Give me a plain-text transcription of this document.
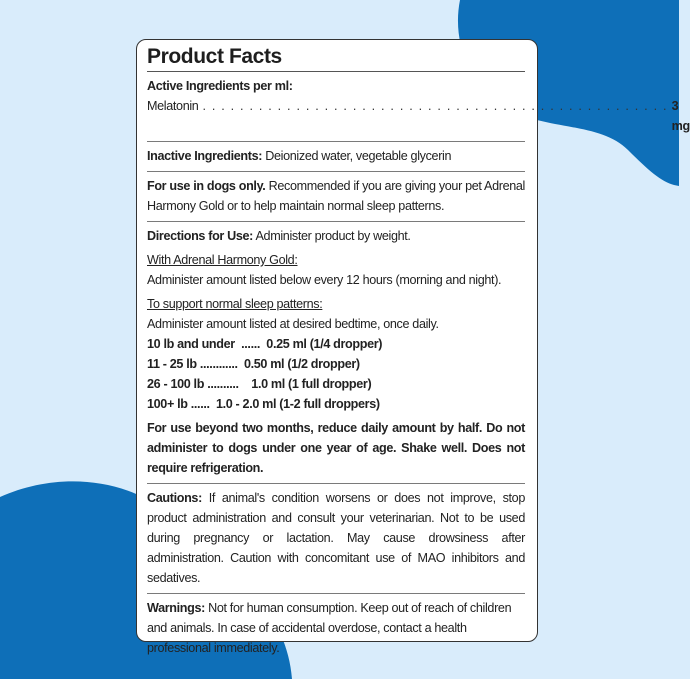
Product Facts
Active Ingredients per ml:
Melatonin . . . . . . . . . . . . . . . . . . . . . . . . . . . . . . . . . . . . . . . . . . . . . . . . . . 3 mg
Inactive Ingredients: Deionized water, vegetable glycerin
For use in dogs only. Recommended if you are giving your pet Adrenal Harmony Gold or to help maintain normal sleep patterns.
Directions for Use: Administer product by weight.
With Adrenal Harmony Gold:
Administer amount listed below every 12 hours (morning and night).
To support normal sleep patterns:
Administer amount listed at desired bedtime, once daily.
10 lb and under  ......  0.25 ml (1/4 dropper)
11 - 25 lb ............  0.50 ml (1/2 dropper)
26 - 100 lb ..........    1.0 ml (1 full dropper)
100+ lb ......  1.0 - 2.0 ml (1-2 full droppers)
For use beyond two months, reduce daily amount by half. Do not administer to dogs under one year of age. Shake well. Does not require refrigeration.
Cautions: If animal's condition worsens or does not improve, stop product administration and consult your veterinarian. Not to be used during pregnancy or lactation. May cause drowsiness after administration. Caution with concomitant use of MAO inhibitors and sedatives.
Warnings: Not for human consumption. Keep out of reach of children and animals. In case of accidental overdose, contact a health professional immediately.
